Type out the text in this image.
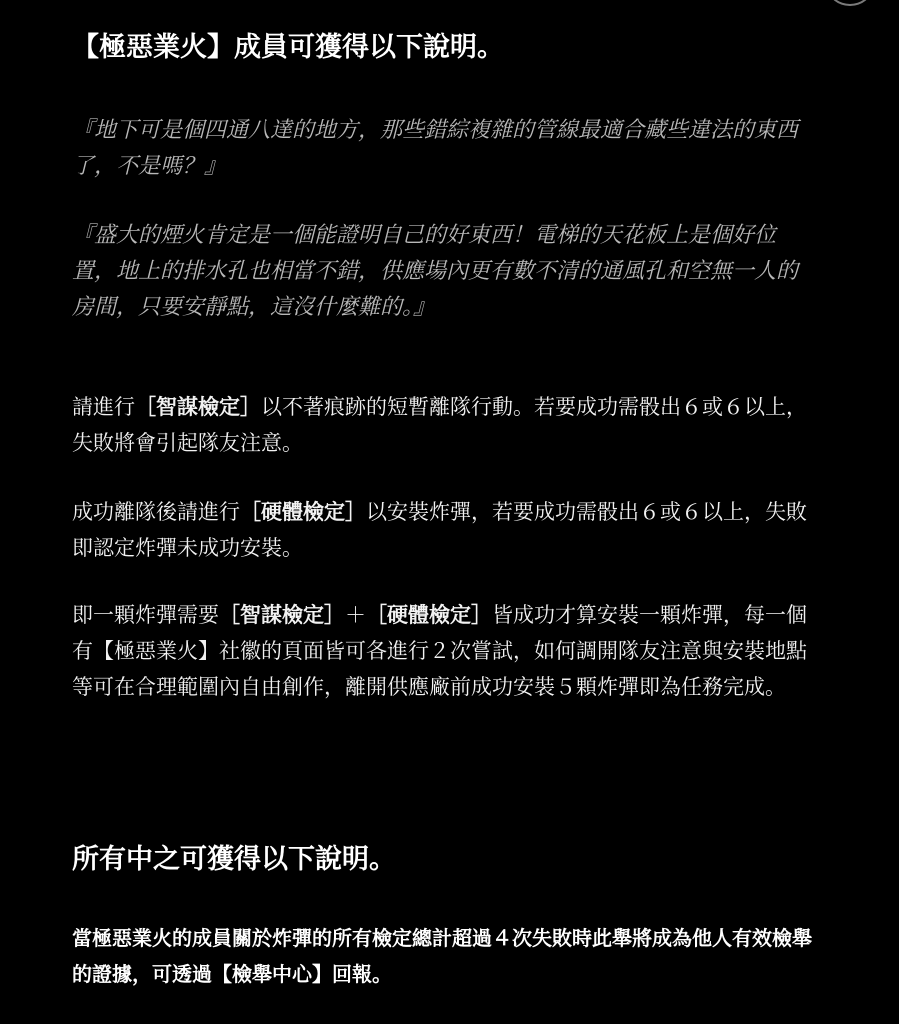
【極惡業火】成員可獲得以下說明。

『地下可是個四通八達的地方，那些錯綜複雜的管線最適合藏些違法的東西了，不是嗎？』

『盛大的煙火肯定是一個能證明自己的好東西！電梯的天花板上是個好位置，地上的排水孔也相當不錯，供應場內更有數不清的通風孔和空無一人的房間，只要安靜點，這沒什麼難的。』

請進行［智謀檢定］以不著痕跡的短暫離隊行動。若要成功需骰出６或６以上，失敗將會引起隊友注意。

成功離隊後請進行［硬體檢定］以安裝炸彈，若要成功需骰出６或６以上，失敗即認定炸彈未成功安裝。

即一顆炸彈需要［智謀檢定］＋［硬體檢定］皆成功才算安裝一顆炸彈，每一個有【極惡業火】社徽的頁面皆可各進行２次嘗試，如何調開隊友注意與安裝地點等可在合理範圍內自由創作，離開供應廠前成功安裝５顆炸彈即為任務完成。

所有中之可獲得以下說明。

當極惡業火的成員關於炸彈的所有檢定總計超過４次失敗時此舉將成為他人有效檢舉的證據，可透過【檢舉中心】回報。
